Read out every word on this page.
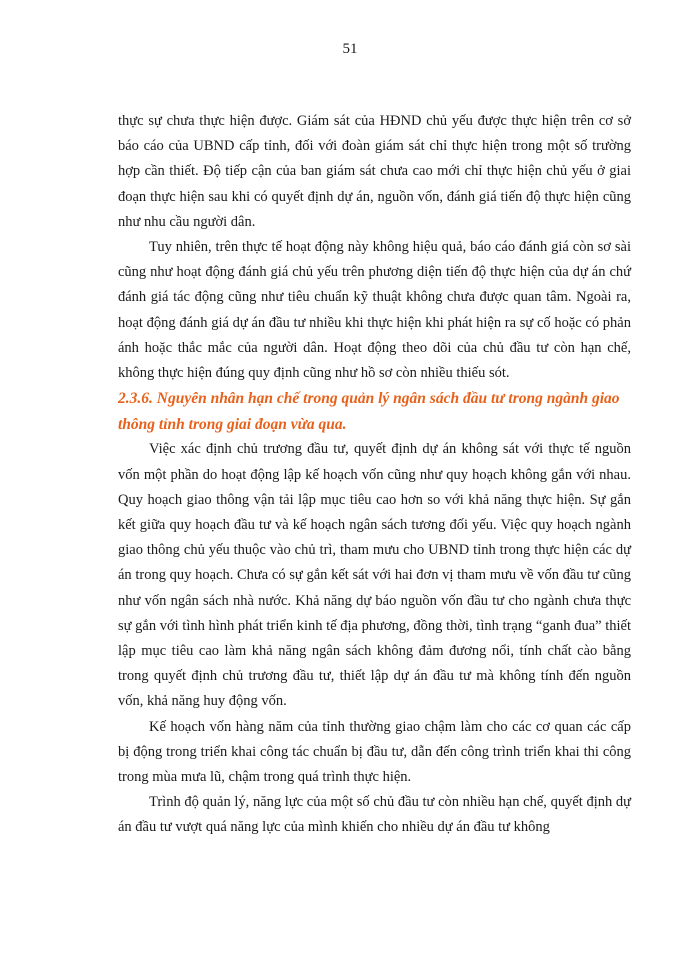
51

thực sự chưa thực hiện được. Giám sát của HĐND chủ yếu được thực hiện trên cơ sở báo cáo của UBND cấp tỉnh, đối với đoàn giám sát chỉ thực hiện trong một số trường hợp cần thiết. Độ tiếp cận của ban giám sát chưa cao mới chỉ thực hiện chủ yếu ở giai đoạn thực hiện sau khi có quyết định dự án, nguồn vốn, đánh giá tiến độ thực hiện cũng như nhu cầu người dân.

Tuy nhiên, trên thực tế hoạt động này không hiệu quả, báo cáo đánh giá còn sơ sài cũng như hoạt động đánh giá chủ yếu trên phương diện tiến độ thực hiện của dự án chứ đánh giá tác động cũng như tiêu chuẩn kỹ thuật không chưa được quan tâm. Ngoài ra, hoạt động đánh giá dự án đầu tư nhiều khi thực hiện khi phát hiện ra sự cố hoặc có phản ánh hoặc thắc mắc của người dân. Hoạt động theo dõi của chủ đầu tư còn hạn chế, không thực hiện đúng quy định cũng như hồ sơ còn nhiều thiếu sót.

2.3.6. Nguyên nhân hạn chế trong quản lý ngân sách đầu tư trong ngành giao thông tỉnh trong giai đoạn vừa qua.

Việc xác định chủ trương đầu tư, quyết định dự án không sát với thực tế nguồn vốn một phần do hoạt động lập kế hoạch vốn cũng như quy hoạch không gắn với nhau. Quy hoạch giao thông vận tải lập mục tiêu cao hơn so với khả năng thực hiện. Sự gắn kết giữa quy hoạch đầu tư và kế hoạch ngân sách tương đối yếu. Việc quy hoạch ngành giao thông chủ yếu thuộc vào chủ trì, tham mưu cho UBND tỉnh trong thực hiện các dự án trong quy hoạch. Chưa có sự gắn kết sát với hai đơn vị tham mưu về vốn đầu tư cũng như vốn ngân sách nhà nước. Khả năng dự báo nguồn vốn đầu tư cho ngành chưa thực sự gắn với tình hình phát triển kinh tế địa phương, đồng thời, tình trạng “ganh đua” thiết lập mục tiêu cao làm khả năng ngân sách không đảm đương nổi, tính chất cào bằng trong quyết định chủ trương đầu tư, thiết lập dự án đầu tư mà không tính đến nguồn vốn, khả năng huy động vốn.

Kế hoạch vốn hàng năm của tỉnh thường giao chậm làm cho các cơ quan các cấp bị động trong triển khai công tác chuẩn bị đầu tư, dẫn đến công trình triển khai thi công trong mùa mưa lũ, chậm trong quá trình thực hiện.

Trình độ quản lý, năng lực của một số chủ đầu tư còn nhiều hạn chế, quyết định dự án đầu tư vượt quá năng lực của mình khiến cho nhiều dự án đầu tư không
